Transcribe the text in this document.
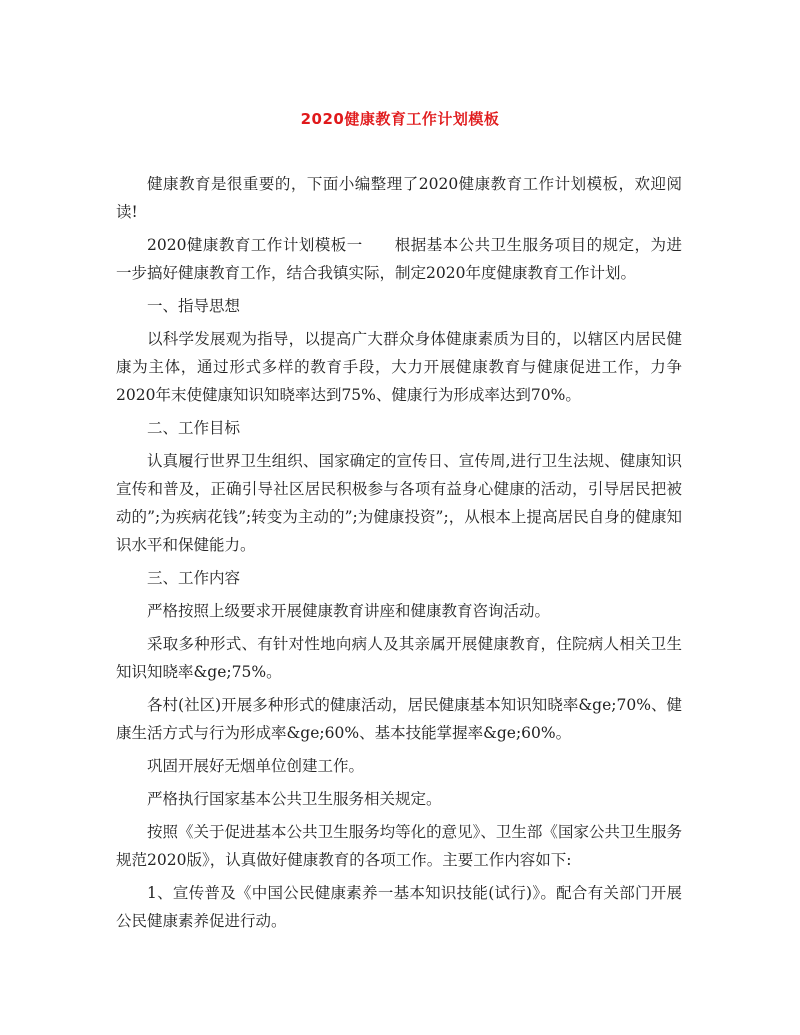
2020健康教育工作计划模板

健康教育是很重要的，下面小编整理了2020健康教育工作计划模板，欢迎阅读!

2020健康教育工作计划模板一　　根据基本公共卫生服务项目的规定，为进一步搞好健康教育工作，结合我镇实际，制定2020年度健康教育工作计划。

一、指导思想

以科学发展观为指导，以提高广大群众身体健康素质为目的，以辖区内居民健康为主体，通过形式多样的教育手段，大力开展健康教育与健康促进工作，力争2020年末使健康知识知晓率达到75%、健康行为形成率达到70%。

二、工作目标

认真履行世界卫生组织、国家确定的宣传日、宣传周,进行卫生法规、健康知识宣传和普及，正确引导社区居民积极参与各项有益身心健康的活动，引导居民把被动的”;为疾病花钱”;转变为主动的”;为健康投资”;，从根本上提高居民自身的健康知识水平和保健能力。

三、工作内容

严格按照上级要求开展健康教育讲座和健康教育咨询活动。

采取多种形式、有针对性地向病人及其亲属开展健康教育，住院病人相关卫生知识知晓率&ge;75%。

各村(社区)开展多种形式的健康活动，居民健康基本知识知晓率&ge;70%、健康生活方式与行为形成率&ge;60%、基本技能掌握率&ge;60%。

巩固开展好无烟单位创建工作。

严格执行国家基本公共卫生服务相关规定。

按照《关于促进基本公共卫生服务均等化的意见》、卫生部《国家公共卫生服务规范2020版》，认真做好健康教育的各项工作。主要工作内容如下:

1、宣传普及《中国公民健康素养一基本知识技能(试行)》。配合有关部门开展公民健康素养促进行动。
